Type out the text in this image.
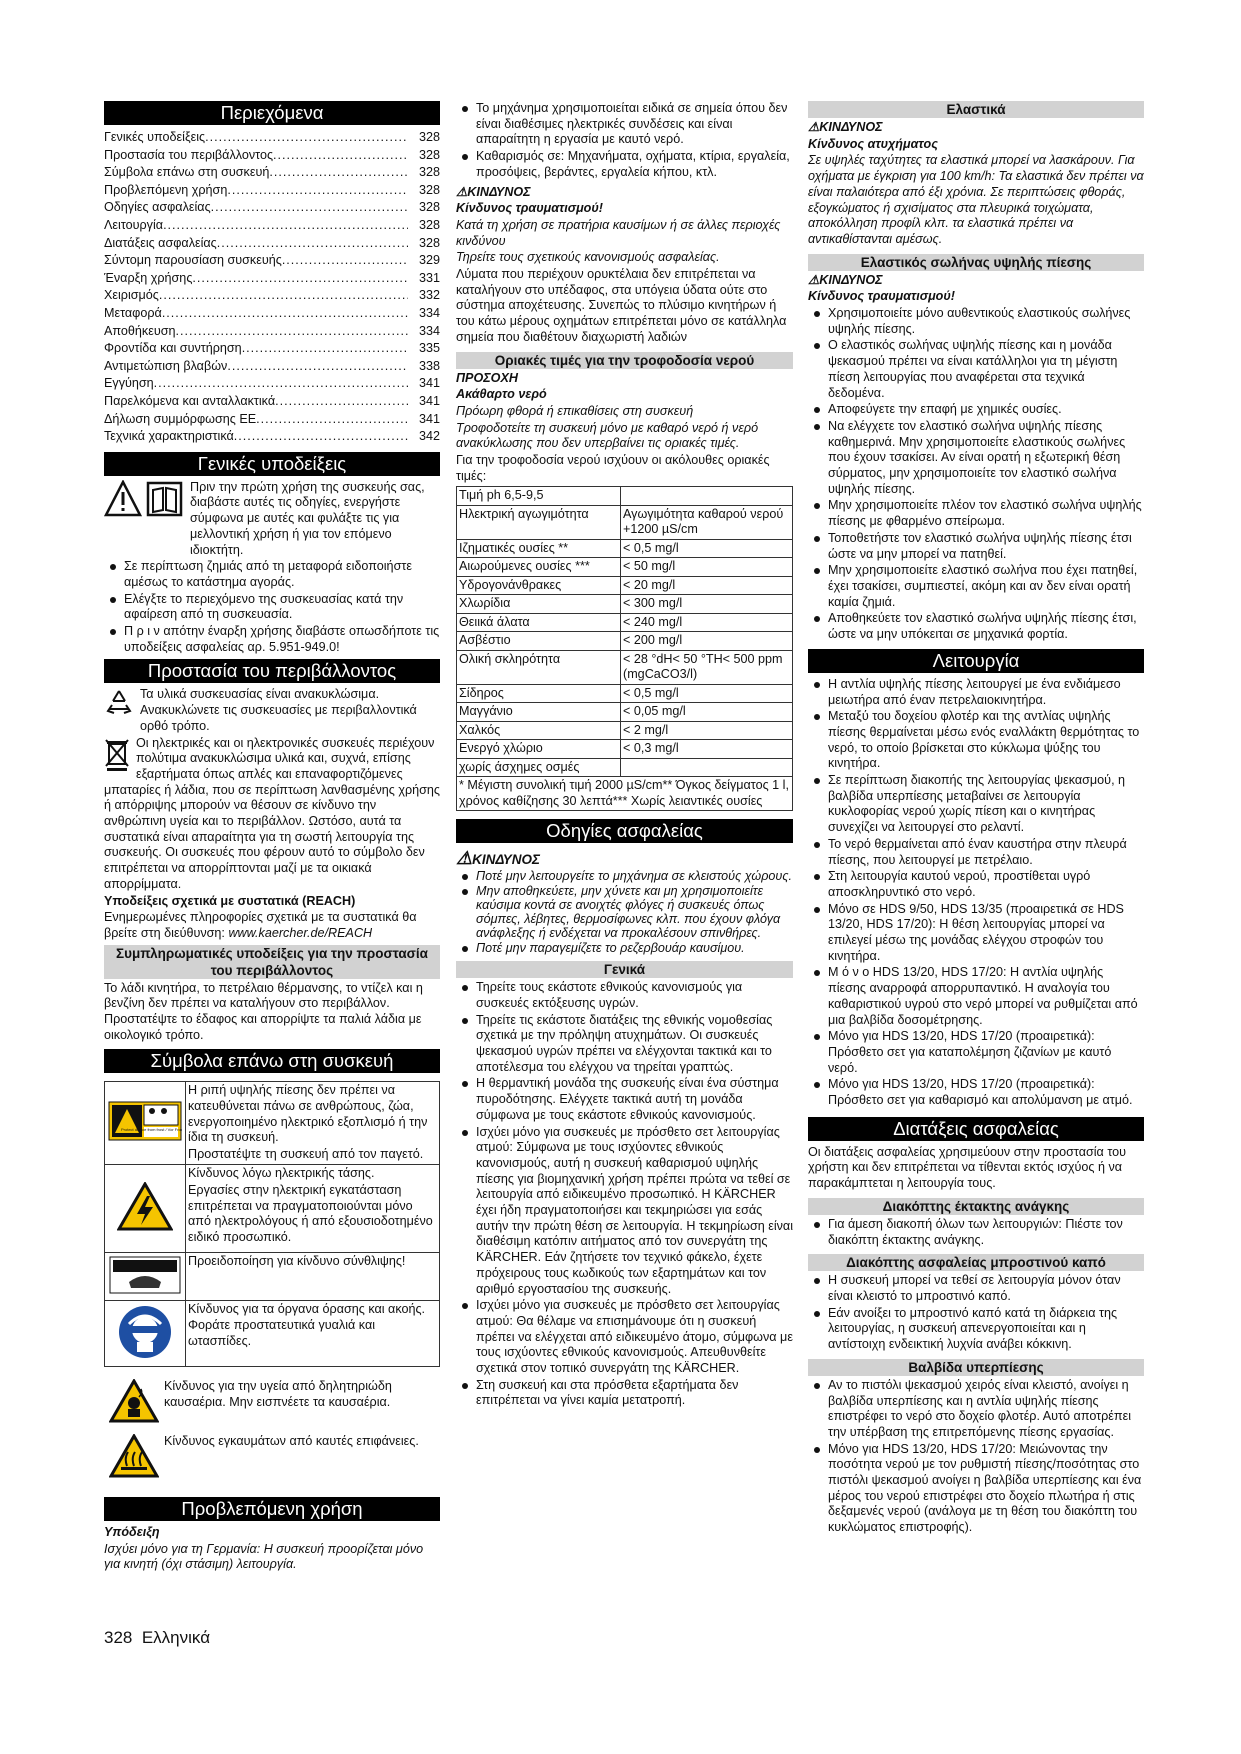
Περιεχόμενα
Γενικές υποδείξεις .....	328
Προστασία του περιβάλλοντος .....	328
Σύμβολα επάνω στη συσκευή .....	328
Προβλεπόμενη χρήση .....	328
Οδηγίες ασφαλείας .....	328
Λειτουργία .....	328
Διατάξεις ασφαλείας .....	328
Σύντομη παρουσίαση συσκευής .....	329
Έναρξη χρήσης .....	331
Χειρισμός .....	332
Μεταφορά .....	334
Αποθήκευση .....	334
Φροντίδα και συντήρηση .....	335
Αντιμετώπιση βλαβών .....	338
Εγγύηση .....	341
Παρελκόμενα και ανταλλακτικά .....	341
Δήλωση συμμόρφωσης ΕΕ .....	341
Τεχνικά χαρακτηριστικά .....	342
Γενικές υποδείξεις

Πριν την πρώτη χρήση της συσκευής σας, διαβάστε αυτές τις οδηγίες, ενεργήστε σύμφωνα με αυτές και φυλάξτε τις για μελλοντική χρήση ή για τον επόμενο ιδιοκτήτη.

Σε περίπτωση ζημιάς από τη μεταφορά ειδοποιήστε αμέσως το κατάστημα αγοράς.
Ελέγξτε το περιεχόμενο της συσκευασίας κατά την αφαίρεση από τη συσκευασία.
Π ρ ι ν απότην έναρξη χρήσης διαβάστε οπωσδήποτε τις υποδείξεις ασφαλείας αρ. 5.951-949.0!
Προστασία του περιβάλλοντος

Τα υλικά συσκευασίας είναι ανακυκλώσιμα. Ανακυκλώνετε τις συσκευασίες με περιβαλλοντικά ορθό τρόπο.

Οι ηλεκτρικές και οι ηλεκτρονικές συσκευές περιέχουν πολύτιμα ανακυκλώσιμα υλικά και, συχνά, επίσης εξαρτήματα όπως απλές και επαναφορτιζόμενες μπαταρίες ή λάδια, που σε περίπτωση λανθασμένης χρήσης ή απόρριψης μπορούν να θέσουν σε κίνδυνο την ανθρώπινη υγεία και το περιβάλλον. Ωστόσο, αυτά τα συστατικά είναι απαραίτητα για τη σωστή λειτουργία της συσκευής. Οι συσκευές που φέρουν αυτό το σύμβολο δεν επιτρέπεται να απορρίπτονται μαζί με τα οικιακά απορρίμματα.

Υποδείξεις σχετικά με συστατικά (REACH)

Ενημερωμένες πληροφορίες σχετικά με τα συστατικά θα βρείτε στη διεύθυνση: www.kaercher.de/REACH

Συμπληρωματικές υποδείξεις για την προστασία του περιβάλλοντος

Το λάδι κινητήρα, το πετρέλαιο θέρμανσης, το ντίζελ και η βενζίνη δεν πρέπει να καταλήγουν στο περιβάλλον. Προστατέψτε το έδαφος και απορρίψτε τα παλιά λάδια με οικολογικό τρόπο.

Σύμβολα επάνω στη συσκευή
Protect device from frost / Vor Fro	Η ριπή υψηλής πίεσης δεν πρέπει να κατευθύνεται πάνω σε ανθρώπους, ζώα, ενεργοποιημένο ηλεκτρικό εξοπλισμό ή την ίδια τη συσκευή.

Προστατέψτε τη συσκευή από τον παγετό.

Κίνδυνος λόγω ηλεκτρικής τάσης.

Εργασίες στην ηλεκτρική εγκατάσταση επιτρέπεται να πραγματοποιούνται μόνο από ηλεκτρολόγους ή από εξουσιοδοτημένο ειδικό προσωπικό.

Προειδοποίηση για κίνδυνο σύνθλιψης!

Κίνδυνος για τα όργανα όρασης και ακοής. Φοράτε προστατευτικά γυαλιά και ωτασπίδες.

Κίνδυνος για την υγεία από δηλητηριώδη καυσαέρια. Μην εισπνέετε τα καυσαέρια.

Κίνδυνος εγκαυμάτων από καυτές επιφάνειες.

Προβλεπόμενη χρήση

Υπόδειξη

Ισχύει μόνο για τη Γερμανία: Η συσκευή προορίζεται μόνο για κινητή (όχι στάσιμη) λειτουργία.

Το μηχάνημα χρησιμοποιείται ειδικά σε σημεία όπου δεν είναι διαθέσιμες ηλεκτρικές συνδέσεις και είναι απαραίτητη η εργασία με καυτό νερό.
Καθαρισμός σε: Μηχανήματα, οχήματα, κτίρια, εργαλεία, προσόψεις, βεράντες, εργαλεία κήπου, κτλ.

⚠ΚΙΝΔΥΝΟΣ

Κίνδυνος τραυματισμού!

Κατά τη χρήση σε πρατήρια καυσίμων ή σε άλλες περιοχές κινδύνου

Τηρείτε τους σχετικούς κανονισμούς ασφαλείας.

Λύματα που περιέχουν ορυκτέλαια δεν επιτρέπεται να καταλήγουν στο υπέδαφος, στα υπόγεια ύδατα ούτε στο σύστημα αποχέτευσης. Συνεπώς το πλύσιμο κινητήρων ή του κάτω μέρους οχημάτων επιτρέπεται μόνο σε κατάλληλα σημεία που διαθέτουν διαχωριστή λαδιών

Οριακές τιμές για την τροφοδοσία νερού

ΠΡΟΣΟΧΗ

Ακάθαρτο νερό

Πρόωρη φθορά ή επικαθίσεις στη συσκευή

Τροφοδοτείτε τη συσκευή μόνο με καθαρό νερό ή νερό ανακύκλωσης που δεν υπερβαίνει τις οριακές τιμές.

Για την τροφοδοσία νερού ισχύουν οι ακόλουθες οριακές τιμές:

Τιμή ph 6,5-9,5	
Ηλεκτρική αγωγιμότητα	Αγωγιμότητα καθαρού νερού +1200 µS/cm
Ιζηματικές ουσίες **	< 0,5 mg/l
Αιωρούμενες ουσίες ***	< 50 mg/l
Υδρογονάνθρακες	< 20 mg/l
Χλωρίδια	< 300 mg/l
Θειικά άλατα	< 240 mg/l
Ασβέστιο	< 200 mg/l
Ολική σκληρότητα	< 28 °dH< 50 °TH< 500 ppm (mgCaCO3/l)
Σίδηρος	< 0,5 mg/l
Μαγγάνιο	< 0,05 mg/l
Χαλκός	< 2 mg/l
Ενεργό χλώριο	< 0,3 mg/l
χωρίς άσχημες οσμές	
* Μέγιστη συνολική τιμή 2000 µS/cm** Όγκος δείγματος 1 l, χρόνος καθίζησης 30 λεπτά*** Χωρίς λειαντικές ουσίες	
Οδηγίες ασφαλείας

⚠ΚΙΝΔΥΝΟΣ

Ποτέ μην λειτουργείτε το μηχάνημα σε κλειστούς χώρους.
Μην αποθηκεύετε, μην χύνετε και μη χρησιμοποιείτε καύσιμα κοντά σε ανοιχτές φλόγες ή συσκευές όπως σόμπες, λέβητες, θερμοσίφωνες κλπ. που έχουν φλόγα ανάφλεξης ή ενδέχεται να προκαλέσουν σπινθήρες.
Ποτέ μην παραγεμίζετε το ρεζερβουάρ καυσίμου.
Γενικά
Τηρείτε τους εκάστοτε εθνικούς κανονισμούς για συσκευές εκτόξευσης υγρών.
Τηρείτε τις εκάστοτε διατάξεις της εθνικής νομοθεσίας σχετικά με την πρόληψη ατυχημάτων. Οι συσκευές ψεκασμού υγρών πρέπει να ελέγχονται τακτικά και το αποτέλεσμα του ελέγχου να τηρείται γραπτώς.
Η θερμαντική μονάδα της συσκευής είναι ένα σύστημα πυροδότησης. Ελέγχετε τακτικά αυτή τη μονάδα σύμφωνα με τους εκάστοτε εθνικούς κανονισμούς.
Ισχύει μόνο για συσκευές με πρόσθετο σετ λειτουργίας ατμού: Σύμφωνα με τους ισχύοντες εθνικούς κανονισμούς, αυτή η συσκευή καθαρισμού υψηλής πίεσης για βιομηχανική χρήση πρέπει πρώτα να τεθεί σε λειτουργία από ειδικευμένο προσωπικό. Η KÄRCHER έχει ήδη πραγματοποιήσει και τεκμηριώσει για εσάς αυτήν την πρώτη θέση σε λειτουργία. Η τεκμηρίωση είναι διαθέσιμη κατόπιν αιτήματος από τον συνεργάτη της KÄRCHER. Εάν ζητήσετε τον τεχνικό φάκελο, έχετε πρόχειρους τους κωδικούς των εξαρτημάτων και τον αριθμό εργοστασίου της συσκευής.
Ισχύει μόνο για συσκευές με πρόσθετο σετ λειτουργίας ατμού: Θα θέλαμε να επισημάνουμε ότι η συσκευή πρέπει να ελέγχεται από ειδικευμένο άτομο, σύμφωνα με τους ισχύοντες εθνικούς κανονισμούς. Απευθυνθείτε σχετικά στον τοπικό συνεργάτη της KÄRCHER.
Στη συσκευή και στα πρόσθετα εξαρτήματα δεν επιτρέπεται να γίνει καμία μετατροπή.
Ελαστικά

⚠ΚΙΝΔΥΝΟΣ

Κίνδυνος ατυχήματος

Σε υψηλές ταχύτητες τα ελαστικά μπορεί να λασκάρουν. Για οχήματα με έγκριση για 100 km/h: Τα ελαστικά δεν πρέπει να είναι παλαιότερα από έξι χρόνια. Σε περιπτώσεις φθοράς, εξογκώματος ή σχισίματος στα πλευρικά τοιχώματα, αποκόλληση προφίλ κλπ. τα ελαστικά πρέπει να αντικαθίστανται αμέσως.

Ελαστικός σωλήνας υψηλής πίεσης

⚠ΚΙΝΔΥΝΟΣ

Κίνδυνος τραυματισμού!

Χρησιμοποιείτε μόνο αυθεντικούς ελαστικούς σωλήνες υψηλής πίεσης.
Ο ελαστικός σωλήνας υψηλής πίεσης και η μονάδα ψεκασμού πρέπει να είναι κατάλληλοι για τη μέγιστη πίεση λειτουργίας που αναφέρεται στα τεχνικά δεδομένα.
Αποφεύγετε την επαφή με χημικές ουσίες.
Να ελέγχετε τον ελαστικό σωλήνα υψηλής πίεσης καθημερινά. Μην χρησιμοποιείτε ελαστικούς σωλήνες που έχουν τσακίσει. Αν είναι ορατή η εξωτερική θέση σύρματος, μην χρησιμοποιείτε τον ελαστικό σωλήνα υψηλής πίεσης.
Μην χρησιμοποιείτε πλέον τον ελαστικό σωλήνα υψηλής πίεσης με φθαρμένο σπείρωμα.
Τοποθετήστε τον ελαστικό σωλήνα υψηλής πίεσης έτσι ώστε να μην μπορεί να πατηθεί.
Μην χρησιμοποιείτε ελαστικό σωλήνα που έχει πατηθεί, έχει τσακίσει, συμπιεστεί, ακόμη και αν δεν είναι ορατή καμία ζημιά.
Αποθηκεύετε τον ελαστικό σωλήνα υψηλής πίεσης έτσι, ώστε να μην υπόκειται σε μηχανικά φορτία.
Λειτουργία
Η αντλία υψηλής πίεσης λειτουργεί με ένα ενδιάμεσο μειωτήρα από έναν πετρελαιοκινητήρα.
Μεταξύ του δοχείου φλοτέρ και της αντλίας υψηλής πίεσης θερμαίνεται μέσω ενός εναλλάκτη θερμότητας το νερό, το οποίο βρίσκεται στο κύκλωμα ψύξης του κινητήρα.
Σε περίπτωση διακοπής της λειτουργίας ψεκασμού, η βαλβίδα υπερπίεσης μεταβαίνει σε λειτουργία κυκλοφορίας νερού χωρίς πίεση και ο κινητήρας συνεχίζει να λειτουργεί στο ρελαντί.
Το νερό θερμαίνεται από έναν καυστήρα στην πλευρά πίεσης, που λειτουργεί με πετρέλαιο.
Στη λειτουργία καυτού νερού, προστίθεται υγρό αποσκληρυντικό στο νερό.
Μόνο σε HDS 9/50, HDS 13/35 (προαιρετικά σε HDS 13/20, HDS 17/20): Η θέση λειτουργίας μπορεί να επιλεγεί μέσω της μονάδας ελέγχου στροφών του κινητήρα.
Μ ό ν ο HDS 13/20, HDS 17/20: Η αντλία υψηλής πίεσης αναρροφά απορρυπαντικό. Η αναλογία του καθαριστικού υγρού στο νερό μπορεί να ρυθμίζεται από μια βαλβίδα δοσομέτρησης.
Μόνο για HDS 13/20, HDS 17/20 (προαιρετικά): Πρόσθετο σετ για καταπολέμηση ζιζανίων με καυτό νερό.
Μόνο για HDS 13/20, HDS 17/20 (προαιρετικά): Πρόσθετο σετ για καθαρισμό και απολύμανση με ατμό.
Διατάξεις ασφαλείας

Οι διατάξεις ασφαλείας χρησιμεύουν στην προστασία του χρήστη και δεν επιτρέπεται να τίθενται εκτός ισχύος ή να παρακάμπτεται η λειτουργία τους.

Διακόπτης έκτακτης ανάγκης
Για άμεση διακοπή όλων των λειτουργιών: Πιέστε τον διακόπτη έκτακτης ανάγκης.
Διακόπτης ασφαλείας μπροστινού καπό
Η συσκευή μπορεί να τεθεί σε λειτουργία μόνον όταν είναι κλειστό το μπροστινό καπό.
Εάν ανοίξει το μπροστινό καπό κατά τη διάρκεια της λειτουργίας, η συσκευή απενεργοποιείται και η αντίστοιχη ενδεικτική λυχνία ανάβει κόκκινη.
Βαλβίδα υπερπίεσης
Αν το πιστόλι ψεκασμού χειρός είναι κλειστό, ανοίγει η βαλβίδα υπερπίεσης και η αντλία υψηλής πίεσης επιστρέφει το νερό στο δοχείο φλοτέρ. Αυτό αποτρέπει την υπέρβαση της επιτρεπόμενης πίεσης εργασίας.
Μόνο για HDS 13/20, HDS 17/20: Μειώνοντας την ποσότητα νερού με τον ρυθμιστή πίεσης/ποσότητας στο πιστόλι ψεκασμού ανοίγει η βαλβίδα υπερπίεσης και ένα μέρος του νερού επιστρέφει στο δοχείο πλωτήρα ή στις δεξαμενές νερού (ανάλογα με τη θέση του διακόπτη του κυκλώματος επιστροφής).
328 Ελληνικά
